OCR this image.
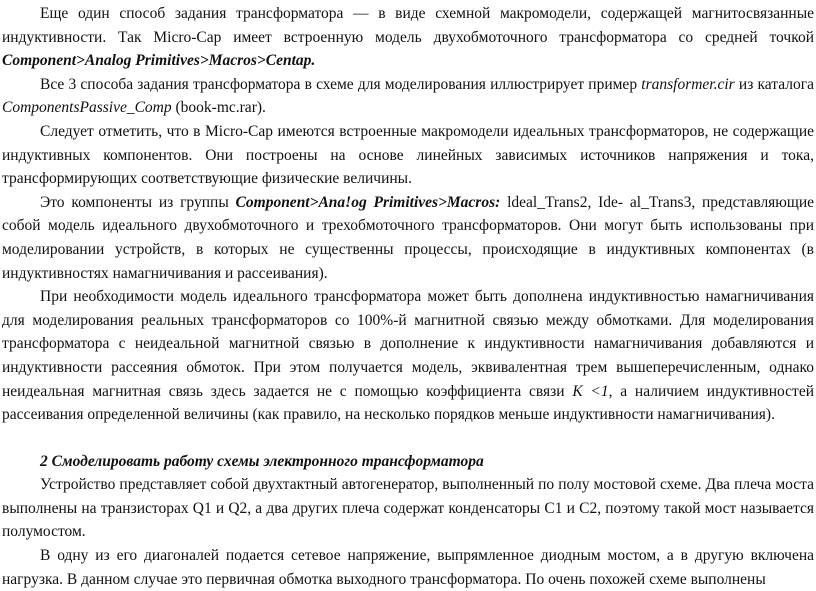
Еще один способ задания трансформатора — в виде схемной макромодели, содержащей магнитосвязанные индуктивности. Так Micro-Cap имеет встроенную модель двухобмоточного трансформатора со средней точкой Component>Analog Primitives>Macros>Centap.

Все 3 способа задания трансформатора в схеме для моделирования иллюстрирует пример transformer.cir из каталога ComponentsPassive_Comp (book-mc.rar).

Следует отметить, что в Micro-Cap имеются встроенные макромодели идеальных трансформаторов, не содержащие индуктивных компонентов. Они построены на основе линейных зависимых источников напряжения и тока, трансформирующих соответствующие физические величины.

Это компоненты из группы Component>Ana!og Primitives>Macros: ldeal_Trans2, Ide- al_Trans3, представляющие собой модель идеального двухобмоточного и трехобмоточного трансформаторов. Они могут быть использованы при моделировании устройств, в которых не существенны процессы, происходящие в индуктивных компонентах (в индуктивностях намагничивания и рассеивания).

При необходимости модель идеального трансформатора может быть дополнена индуктивностью намагничивания для моделирования реальных трансформаторов со 100%-й магнитной связью между обмотками. Для моделирования трансформатора с неидеальной магнитной связью в дополнение к индуктивности намагничивания добавляются и индуктивности рассеяния обмоток. При этом получается модель, эквивалентная трем вышеперечисленным, однако неидеальная магнитная связь здесь задается не с помощью коэффициента связи К <1, а наличием индуктивностей рассеивания определенной величины (как правило, на несколько порядков меньше индуктивности намагничивания).

2 Смоделировать работу схемы электронного трансформатора

Устройство представляет собой двухтактный автогенератор, выполненный по полу мостовой схеме. Два плеча моста выполнены на транзисторах Q1 и Q2, а два других плеча содержат конденсаторы С1 и С2, поэтому такой мост называется полумостом.

В одну из его диагоналей подается сетевое напряжение, выпрямленное диодным мостом, а в другую включена нагрузка. В данном случае это первичная обмотка выходного трансформатора. По очень похожей схеме выполнены
